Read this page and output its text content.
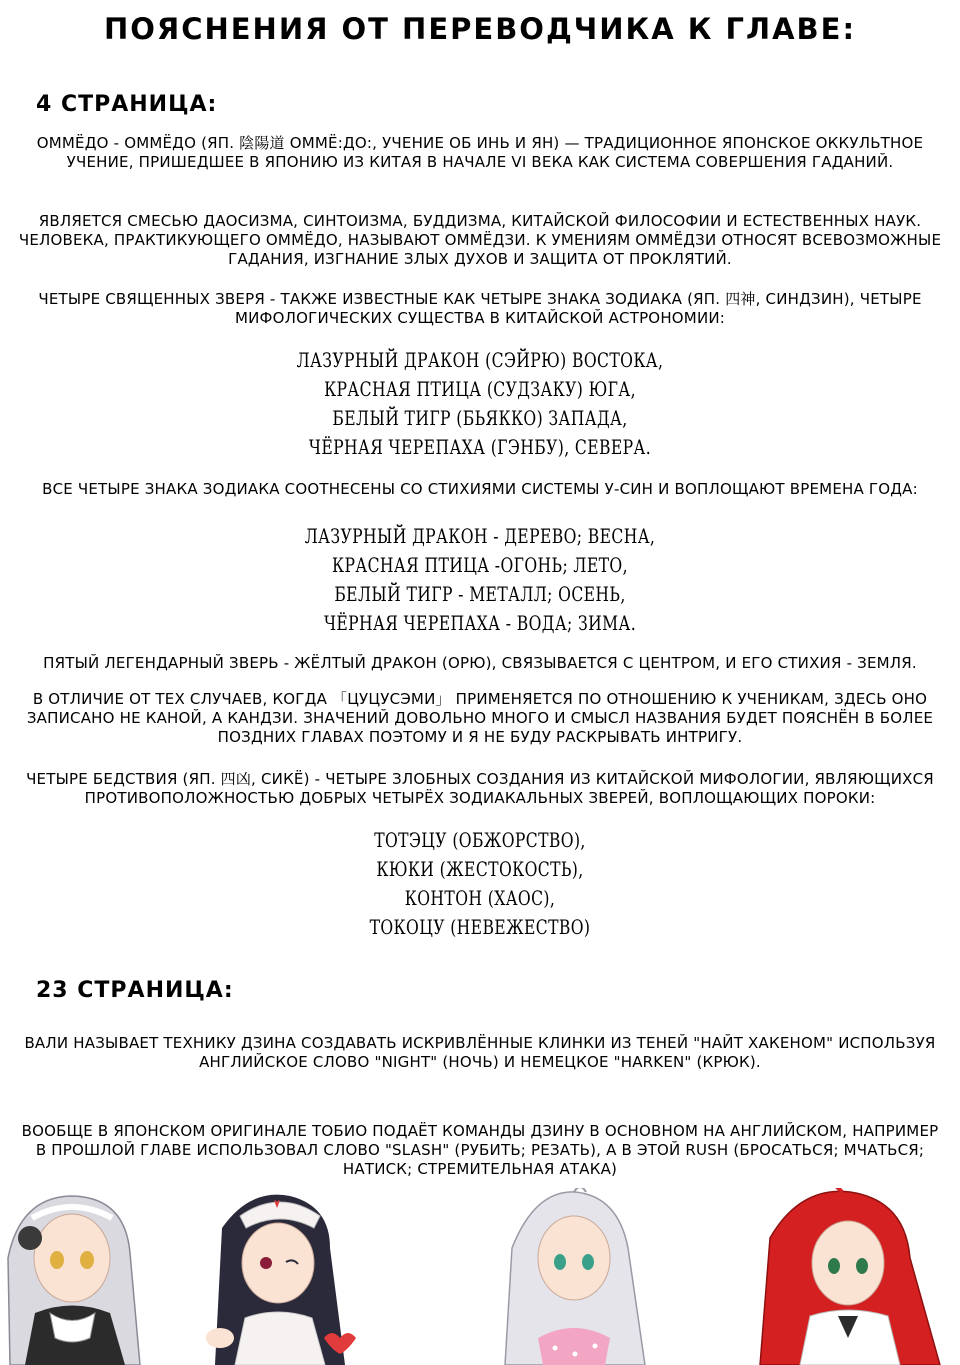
ПОЯСНЕНИЯ ОТ ПЕРЕВОДЧИКА К ГЛАВЕ:
4 СТРАНИЦА:

ОММЁДО - ОММЁДО (ЯП. 陰陽道 ОММЁ:ДО:, УЧЕНИЕ ОБ ИНЬ И ЯН) — ТРАДИЦИОННОЕ ЯПОНСКОЕ ОККУЛЬТНОЕ УЧЕНИЕ, ПРИШЕДШЕЕ В ЯПОНИЮ ИЗ КИТАЯ В НАЧАЛЕ VI ВЕКА КАК СИСТЕМА СОВЕРШЕНИЯ ГАДАНИЙ.

ЯВЛЯЕТСЯ СМЕСЬЮ ДАОСИЗМА, СИНТОИЗМА, БУДДИЗМА, КИТАЙСКОЙ ФИЛОСОФИИ И ЕСТЕСТВЕННЫХ НАУК. ЧЕЛОВЕКА, ПРАКТИКУЮЩЕГО ОММЁДО, НАЗЫВАЮТ ОММЁДЗИ. К УМЕНИЯМ ОММЁДЗИ ОТНОСЯТ ВСЕВОЗМОЖНЫЕ ГАДАНИЯ, ИЗГНАНИЕ ЗЛЫХ ДУХОВ И ЗАЩИТА ОТ ПРОКЛЯТИЙ.

ЧЕТЫРЕ СВЯЩЕННЫХ ЗВЕРЯ - ТАКЖЕ ИЗВЕСТНЫЕ КАК ЧЕТЫРЕ ЗНАКА ЗОДИАКА (ЯП. 四神, СИНДЗИН), ЧЕТЫРЕ МИФОЛОГИЧЕСКИХ СУЩЕСТВА В КИТАЙСКОЙ АСТРОНОМИИ:

ЛАЗУРНЫЙ ДРАКОН (СЭЙРЮ) ВОСТОКА,
КРАСНАЯ ПТИЦА (СУДЗАКУ) ЮГА,
БЕЛЫЙ ТИГР (БЬЯККО) ЗАПАДА,
ЧЁРНАЯ ЧЕРЕПАХА (ГЭНБУ), СЕВЕРА.

ВСЕ ЧЕТЫРЕ ЗНАКА ЗОДИАКА СООТНЕСЕНЫ СО СТИХИЯМИ СИСТЕМЫ У-СИН И ВОПЛОЩАЮТ ВРЕМЕНА ГОДА:

ЛАЗУРНЫЙ ДРАКОН - ДЕРЕВО; ВЕСНА,
КРАСНАЯ ПТИЦА -ОГОНЬ; ЛЕТО,
БЕЛЫЙ ТИГР - МЕТАЛЛ; ОСЕНЬ,
ЧЁРНАЯ ЧЕРЕПАХА - ВОДА; ЗИМА.

ПЯТЫЙ ЛЕГЕНДАРНЫЙ ЗВЕРЬ - ЖЁЛТЫЙ ДРАКОН (ОРЮ), СВЯЗЫВАЕТСЯ С ЦЕНТРОМ, И ЕГО СТИХИЯ - ЗЕМЛЯ.

В ОТЛИЧИЕ ОТ ТЕХ СЛУЧАЕВ, КОГДА 「ЦУЦУСЭМИ」 ПРИМЕНЯЕТСЯ ПО ОТНОШЕНИЮ К УЧЕНИКАМ, ЗДЕСЬ ОНО ЗАПИСАНО НЕ КАНОЙ, А КАНДЗИ. ЗНАЧЕНИЙ ДОВОЛЬНО МНОГО И СМЫСЛ НАЗВАНИЯ БУДЕТ ПОЯСНЁН В БОЛЕЕ ПОЗДНИХ ГЛАВАХ ПОЭТОМУ И Я НЕ БУДУ РАСКРЫВАТЬ ИНТРИГУ.

ЧЕТЫРЕ БЕДСТВИЯ (ЯП. 四凶, СИКЁ) - ЧЕТЫРЕ ЗЛОБНЫХ СОЗДАНИЯ ИЗ КИТАЙСКОЙ МИФОЛОГИИ, ЯВЛЯЮЩИХСЯ ПРОТИВОПОЛОЖНОСТЬЮ ДОБРЫХ ЧЕТЫРЁХ ЗОДИАКАЛЬНЫХ ЗВЕРЕЙ, ВОПЛОЩАЮЩИХ ПОРОКИ:

ТОТЭЦУ (ОБЖОРСТВО),
КЮКИ (ЖЕСТОКОСТЬ),
КОНТОН (ХАОС),
ТОКОЦУ (НЕВЕЖЕСТВО)
23 СТРАНИЦА:

ВАЛИ НАЗЫВАЕТ ТЕХНИКУ ДЗИНА СОЗДАВАТЬ ИСКРИВЛЁННЫЕ КЛИНКИ ИЗ ТЕНЕЙ "НАЙТ ХАКЕНОМ" ИСПОЛЬЗУЯ АНГЛИЙСКОЕ СЛОВО "NIGHT" (НОЧЬ) И НЕМЕЦКОЕ "HARKEN" (КРЮК).

ВООБЩЕ В ЯПОНСКОМ ОРИГИНАЛЕ ТОБИО ПОДАЁТ КОМАНДЫ ДЗИНУ В ОСНОВНОМ НА АНГЛИЙСКОМ, НАПРИМЕР В ПРОШЛОЙ ГЛАВЕ ИСПОЛЬЗОВАЛ СЛОВО "SLASH" (РУБИТЬ; РЕЗАТЬ), А В ЭТОЙ RUSH (БРОСАТЬСЯ; МЧАТЬСЯ; НАТИСК; СТРЕМИТЕЛЬНАЯ АТАКА)
